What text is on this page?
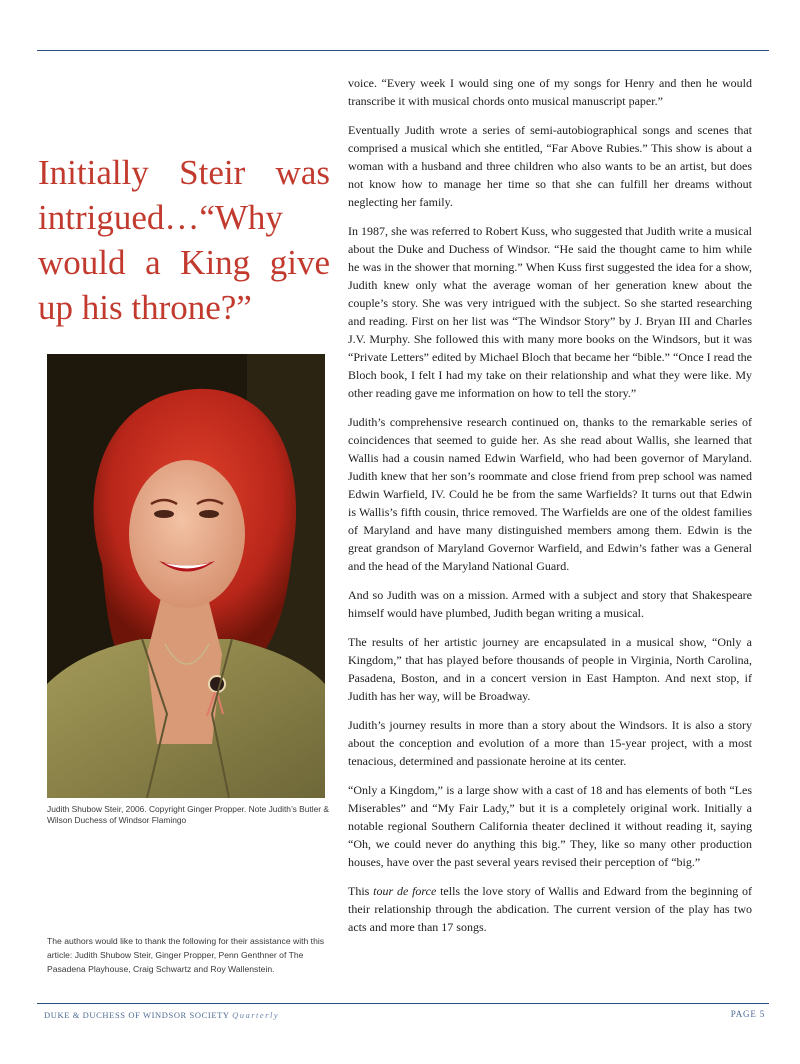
Initially Steir was intrigued…“Why would a King give up his throne?”

Judith Shubow Steir, 2006. Copyright Ginger Propper. Note Judith’s Butler & Wilson Duchess of Windsor Flamingo

The authors would like to thank the following for their assistance with this article: Judith Shubow Steir, Ginger Propper, Penn Genthner of The Pasadena Playhouse, Craig Schwartz and Roy Wallenstein.

voice. “Every week I would sing one of my songs for Henry and then he would transcribe it with musical chords onto musical manuscript paper.”

Eventually Judith wrote a series of semi-autobiographical songs and scenes that comprised a musical which she entitled, “Far Above Rubies.” This show is about a woman with a husband and three children who also wants to be an artist, but does not know how to manage her time so that she can fulfill her dreams without neglecting her family.

In 1987, she was referred to Robert Kuss, who suggested that Judith write a musical about the Duke and Duchess of Windsor. “He said the thought came to him while he was in the shower that morning.” When Kuss first suggested the idea for a show, Judith knew only what the average woman of her generation knew about the couple’s story. She was very intrigued with the subject. So she started researching and reading. First on her list was “The Windsor Story” by J. Bryan III and Charles J.V. Murphy. She followed this with many more books on the Windsors, but it was “Private Letters” edited by Michael Bloch that became her “bible.” “Once I read the Bloch book, I felt I had my take on their relationship and what they were like. My other reading gave me information on how to tell the story.”

Judith’s comprehensive research continued on, thanks to the remarkable series of coincidences that seemed to guide her. As she read about Wallis, she learned that Wallis had a cousin named Edwin Warfield, who had been governor of Maryland. Judith knew that her son’s roommate and close friend from prep school was named Edwin Warfield, IV. Could he be from the same Warfields? It turns out that Edwin is Wallis’s fifth cousin, thrice removed. The Warfields are one of the oldest families of Maryland and have many distinguished members among them. Edwin is the great grandson of Maryland Governor Warfield, and Edwin’s father was a General and the head of the Maryland National Guard.

And so Judith was on a mission. Armed with a subject and story that Shakespeare himself would have plumbed, Judith began writing a musical.

The results of her artistic journey are encapsulated in a musical show, “Only a Kingdom,” that has played before thousands of people in Virginia, North Carolina, Pasadena, Boston, and in a concert version in East Hampton. And next stop, if Judith has her way, will be Broadway.

Judith’s journey results in more than a story about the Windsors. It is also a story about the conception and evolution of a more than 15-year project, with a most tenacious, determined and passionate heroine at its center.

“Only a Kingdom,” is a large show with a cast of 18 and has elements of both “Les Miserables” and “My Fair Lady,” but it is a completely original work. Initially a notable regional Southern California theater declined it without reading it, saying “Oh, we could never do anything this big.” They, like so many other production houses, have over the past several years revised their perception of “big.”

This tour de force tells the love story of Wallis and Edward from the beginning of their relationship through the abdication. The current version of the play has two acts and more than 17 songs.

DUKE & DUCHESS OF WINDSOR SOCIETY Quarterly	PAGE 5
